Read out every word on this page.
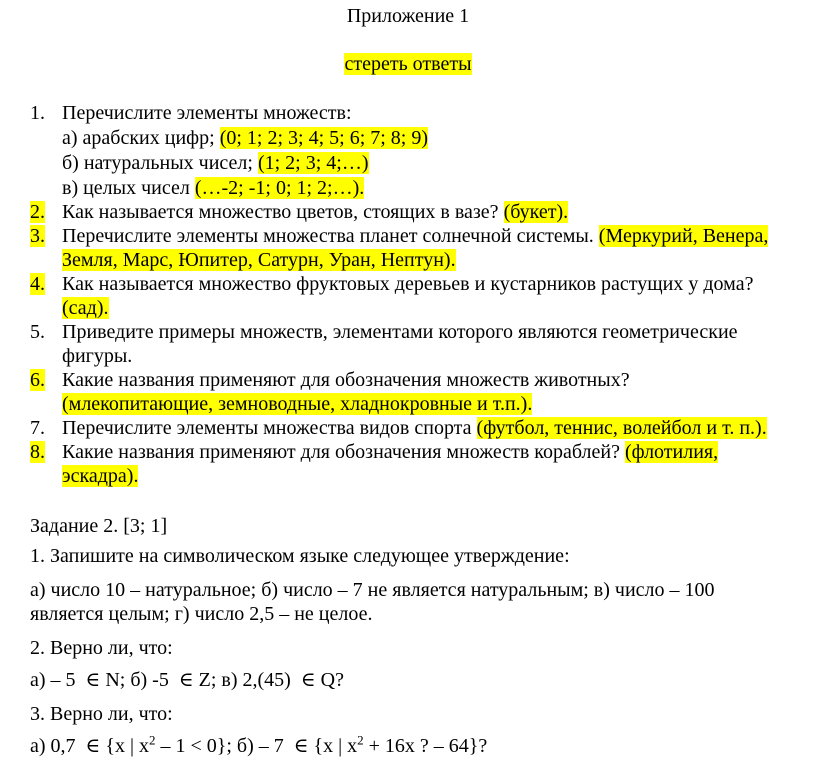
Приложение 1
стереть ответы
1. Перечислите элементы множеств:
а) арабских цифр; (0; 1; 2; 3; 4; 5; 6; 7; 8; 9)
б) натуральных чисел; (1; 2; 3; 4;…)
в) целых чисел (…-2; -1; 0; 1; 2;…).
2. Как называется множество цветов, стоящих в вазе? (букет).
3. Перечислите элементы множества планет солнечной системы. (Меркурий, Венера,
Земля, Марс, Юпитер, Сатурн, Уран, Нептун).
4. Как называется множество фруктовых деревьев и кустарников растущих у дома?
(сад).
5. Приведите примеры множеств, элементами которого являются геометрические
фигуры.
6. Какие названия применяют для обозначения множеств животных?
(млекопитающие, земноводные, хладнокровные и т.п.).
7. Перечислите элементы множества видов спорта (футбол, теннис, волейбол и т. п.).
8. Какие названия применяют для обозначения множеств кораблей? (флотилия,
эскадра).
Задание 2. [3; 1]
1. Запишите на символическом языке следующее утверждение:
а) число 10 – натуральное; б) число – 7 не является натуральным; в) число – 100
является целым; г) число 2,5 – не целое.
2. Верно ли, что:
а) – 5  ∈ N; б) -5  ∈ Z; в) 2,(45)  ∈ Q?
3. Верно ли, что:
а) 0,7  ∈ {x | $x^2 - 1 < 0$}; б) – 7  ∈ {x | $x^2 + 16x$ ? – 64}?
